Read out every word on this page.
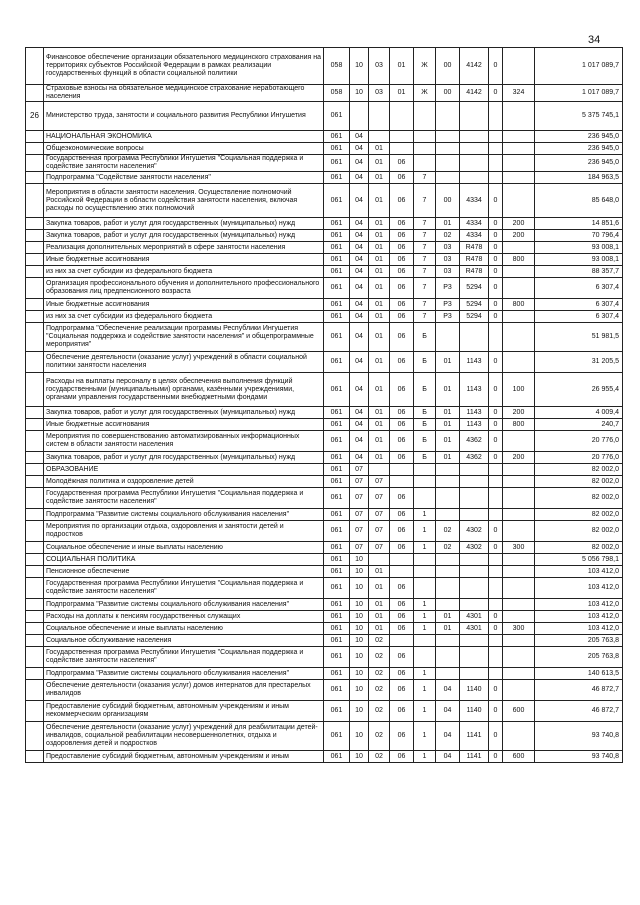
34
	Финансовое обеспечение организации обязательного медицинского страхования на территориях субъектов Российской Федерации в рамках реализации государственных функций в области социальной политики	058	10	03	01	Ж	00	4142	0		1 017 089,7
	Страховые взносы на обязательное медицинское страхование неработающего населения	058	10	03	01	Ж	00	4142	0	324	1 017 089,7
26	Министерство труда, занятости и социального развития Республики Ингушетия	061									5 375 745,1
	НАЦИОНАЛЬНАЯ ЭКОНОМИКА	061	04								236 945,0
	Общеэкономические вопросы	061	04	01							236 945,0
	Государственная программа Республики Ингушетия "Социальная поддержка и содействие занятости населения"	061	04	01	06						236 945,0
	Подпрограмма "Содействие занятости населения"	061	04	01	06	7					184 963,5
	Мероприятия в области занятости населения. Осуществление полномочий Российской Федерации в области содействия занятости населения, включая расходы по осуществлению этих полномочий	061	04	01	06	7	00	4334	0		85 648,0
	Закупка товаров, работ и услуг для государственных (муниципальных) нужд	061	04	01	06	7	01	4334	0	200	14 851,6
	Закупка товаров, работ и услуг для государственных (муниципальных) нужд	061	04	01	06	7	02	4334	0	200	70 796,4
	Реализация дополнительных мероприятий в сфере занятости населения	061	04	01	06	7	03	R478	0		93 008,1
	Иные бюджетные ассигнования	061	04	01	06	7	03	R478	0	800	93 008,1
	из них за счет субсидии из федерального бюджета	061	04	01	06	7	03	R478	0		88 357,7
	Организация профессионального обучения и дополнительного профессионального образования лиц предпенсионного возраста	061	04	01	06	7	P3	5294	0		6 307,4
	Иные бюджетные ассигнования	061	04	01	06	7	P3	5294	0	800	6 307,4
	из них за счет субсидии из федерального бюджета	061	04	01	06	7	P3	5294	0		6 307,4
	Подпрограмма "Обеспечение реализации программы Республики Ингушетия "Социальная поддержка и содействие занятости населения" и общепрограммные мероприятия"	061	04	01	06	Б					51 981,5
	Обеспечение деятельности (оказание услуг) учреждений в области социальной политики занятости населения	061	04	01	06	Б	01	1143	0		31 205,5
	Расходы на выплаты персоналу в целях обеспечения выполнения функций государственными (муниципальными) органами, казёнными учреждениями, органами управления государственными внебюджетными фондами	061	04	01	06	Б	01	1143	0	100	26 955,4
	Закупка товаров, работ и услуг для государственных (муниципальных) нужд	061	04	01	06	Б	01	1143	0	200	4 009,4
	Иные бюджетные ассигнования	061	04	01	06	Б	01	1143	0	800	240,7
	Мероприятия по совершенствованию автоматизированных информационных систем в области занятости населения	061	04	01	06	Б	01	4362	0		20 776,0
	Закупка товаров, работ и услуг для государственных (муниципальных) нужд	061	04	01	06	Б	01	4362	0	200	20 776,0
	ОБРАЗОВАНИЕ	061	07								82 002,0
	Молодёжная политика и оздоровление детей	061	07	07							82 002,0
	Государственная программа Республики Ингушетия "Социальная поддержка и содействие занятости населения"	061	07	07	06						82 002,0
	Подпрограмма "Развитие системы социального обслуживания населения"	061	07	07	06	1					82 002,0
	Мероприятия по организации отдыха, оздоровления и занятости детей и подростков	061	07	07	06	1	02	4302	0		82 002,0
	Социальное обеспечение и иные выплаты населению	061	07	07	06	1	02	4302	0	300	82 002,0
	СОЦИАЛЬНАЯ ПОЛИТИКА	061	10								5 056 798,1
	Пенсионное обеспечение	061	10	01							103 412,0
	Государственная программа Республики Ингушетия "Социальная поддержка и содействие занятости населения"	061	10	01	06						103 412,0
	Подпрограмма "Развитие системы социального обслуживания населения"	061	10	01	06	1					103 412,0
	Расходы на доплаты к пенсиям государственных служащих	061	10	01	06	1	01	4301	0		103 412,0
	Социальное обеспечение и иные выплаты населению	061	10	01	06	1	01	4301	0	300	103 412,0
	Социальное обслуживание населения	061	10	02							205 763,8
	Государственная программа Республики Ингушетия "Социальная поддержка и содействие занятости населения"	061	10	02	06						205 763,8
	Подпрограмма "Развитие системы социального обслуживания населения"	061	10	02	06	1					140 613,5
	Обеспечение деятельности (оказания услуг) домов интернатов для престарелых инвалидов	061	10	02	06	1	04	1140	0		46 872,7
	Предоставление субсидий бюджетным, автономным учреждениям и иным некоммерческим организациям	061	10	02	06	1	04	1140	0	600	46 872,7
	Обеспечение деятельности (оказание услуг) учреждений для реабилитации детей-инвалидов, социальной реабилитации несовершеннолетних, отдыха и оздоровления детей и подростков	061	10	02	06	1	04	1141	0		93 740,8
	Предоставление субсидий бюджетным, автономным учреждениям и иным	061	10	02	06	1	04	1141	0	600	93 740,8
